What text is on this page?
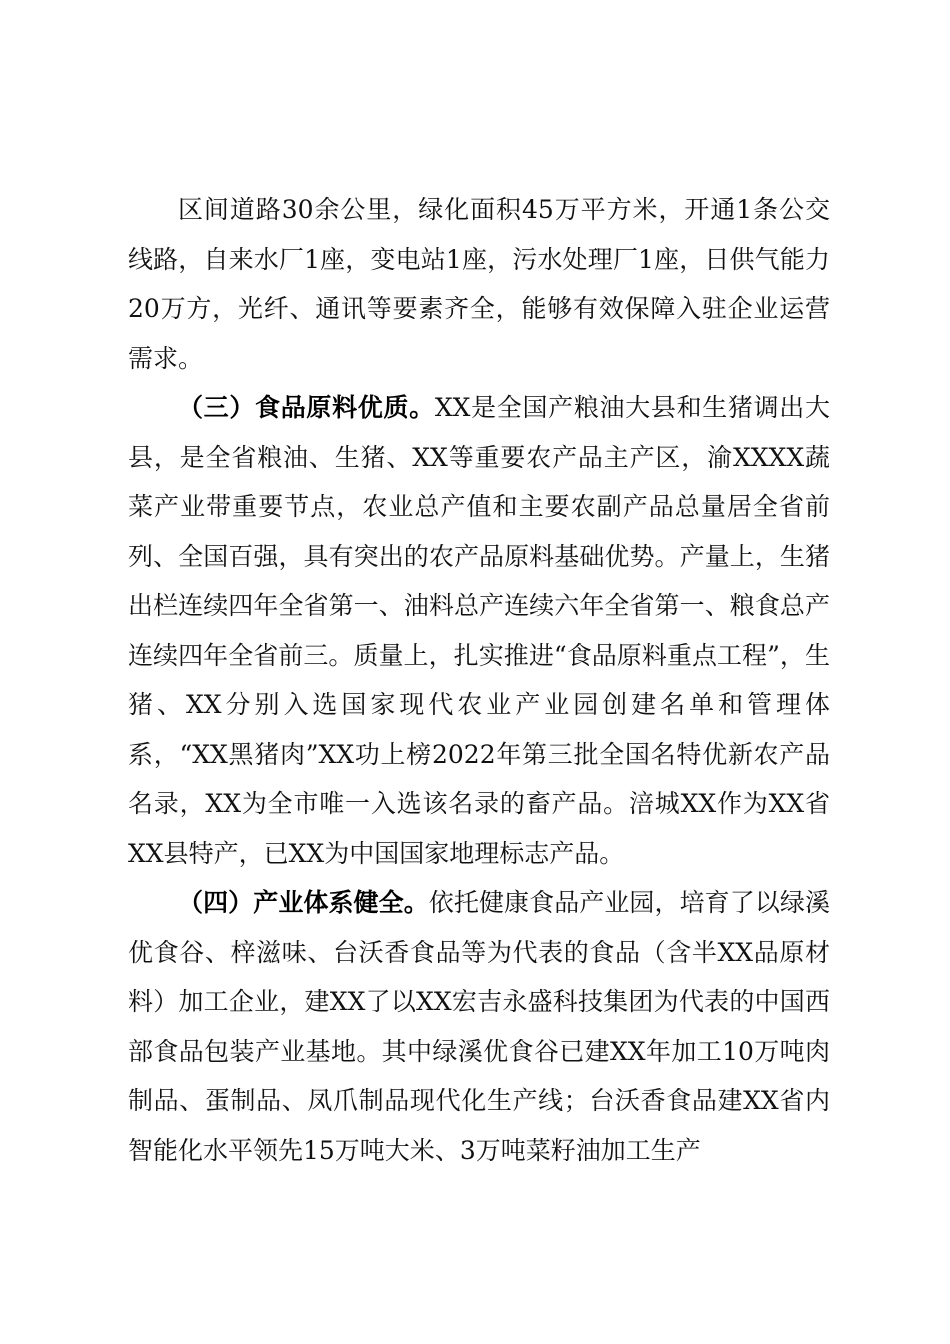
区间道路30余公里，绿化面积45万平方米，开通1条公交线路，自来水厂1座，变电站1座，污水处理厂1座，日供气能力20万方，光纤、通讯等要素齐全，能够有效保障入驻企业运营需求。

（三）食品原料优质。XX是全国产粮油大县和生猪调出大县，是全省粮油、生猪、XX等重要农产品主产区，渝XXXX蔬菜产业带重要节点，农业总产值和主要农副产品总量居全省前列、全国百强，具有突出的农产品原料基础优势。产量上，生猪出栏连续四年全省第一、油料总产连续六年全省第一、粮食总产连续四年全省前三。质量上，扎实推进“食品原料重点工程”，生猪、XX分别入选国家现代农业产业园创建名单和管理体系，“XX黑猪肉”XX功上榜2022年第三批全国名特优新农产品名录，XX为全市唯一入选该名录的畜产品。涪城XX作为XX省XX县特产，已XX为中国国家地理标志产品。

（四）产业体系健全。依托健康食品产业园，培育了以绿溪优食谷、梓滋味、台沃香食品等为代表的食品（含半XX品原材料）加工企业，建XX了以XX宏吉永盛科技集团为代表的中国西部食品包装产业基地。其中绿溪优食谷已建XX年加工10万吨肉制品、蛋制品、凤爪制品现代化生产线；台沃香食品建XX省内智能化水平领先15万吨大米、3万吨菜籽油加工生产
